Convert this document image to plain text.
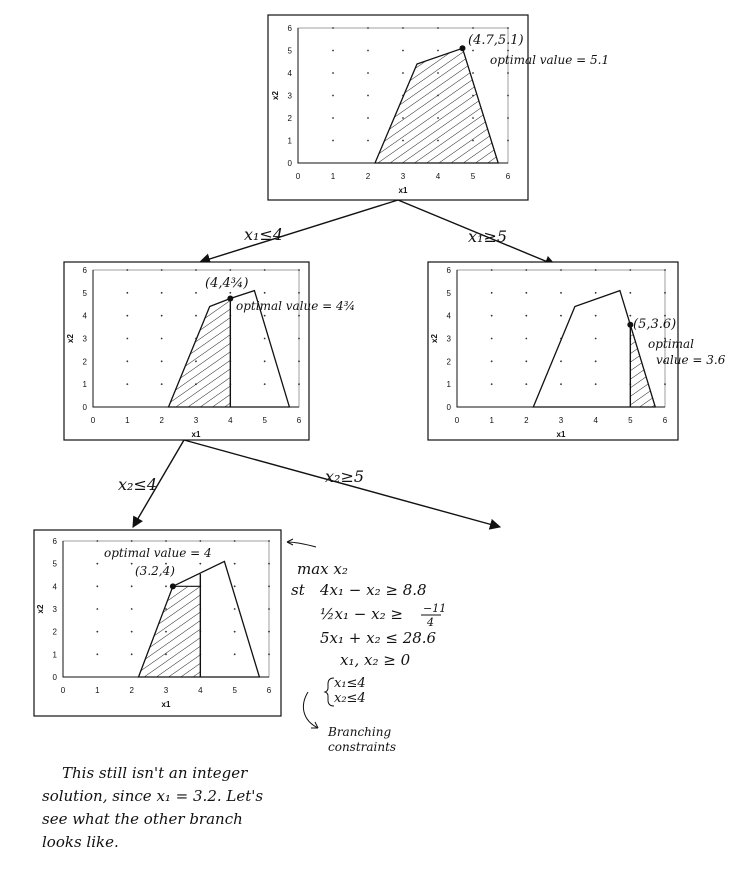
0	1	2	3	4	5	6
0
1
2
3
4
5
6
x1
x2
(4.7,5.1)
optimal value = 5.1
x₁≤4	x₁≥5
0	1	2	3	4	5	6
0
1
2
3
4
5
6
x1
x2
(4,4¾)
optimal value = 4¾
0	1	2	3	4	5	6
0
1
2
3
4
5
6
x1
x2
(5,3.6)
optimal
value = 3.6
x₂≤4	x₂≥5
0	1	2	3	4	5	6
0
1
2
3
4
5
6
x1
x2
optimal value = 4
(3.2,4)	max x₂
st 4x₁ − x₂ ≥ 8.8
½x₁ − x₂ ≥ −11
4
5x₁ + x₂ ≤ 28.6
x₁, x₂ ≥ 0
x₁≤4
x₂≤4
Branching
constraints
This still isn't an integer
solution, since x₁ = 3.2. Let's
see what the other branch
looks like.
